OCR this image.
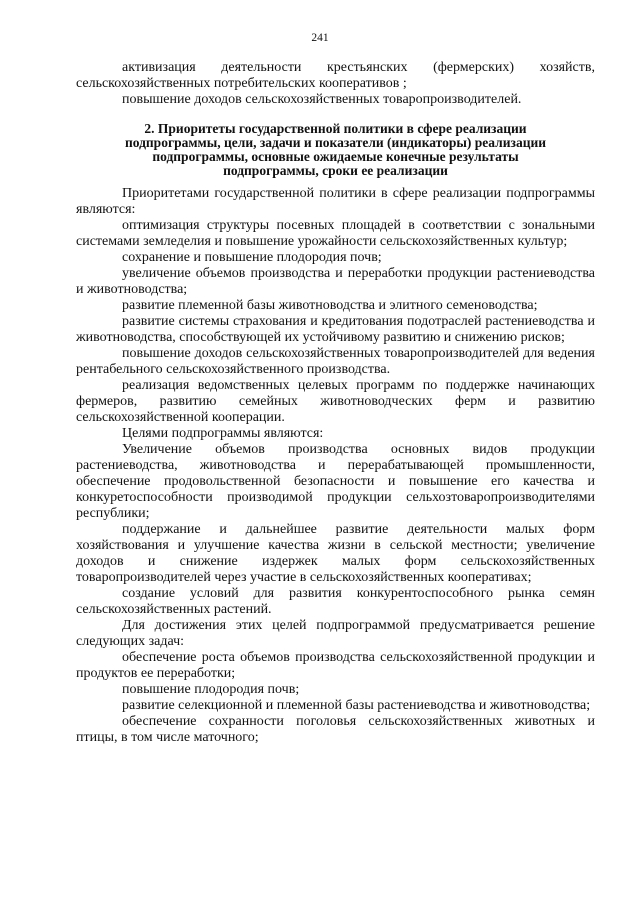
241

активизация деятельности крестьянских (фермерских) хозяйств, сельскохозяйственных потребительских кооперативов ;

повышение доходов сельскохозяйственных товаропроизводителей.

2. Приоритеты государственной политики в сфере реализации
подпрограммы, цели, задачи и показатели (индикаторы) реализации
подпрограммы, основные ожидаемые конечные результаты
подпрограммы, сроки ее реализации

Приоритетами государственной политики в сфере реализации подпрограммы являются:

оптимизация структуры посевных площадей в соответствии с зональными системами земледелия и повышение урожайности сельскохозяйственных культур;

сохранение и повышение плодородия почв;

увеличение объемов производства и переработки продукции растениеводства и животноводства;

развитие племенной базы животноводства и элитного семеноводства;

развитие системы страхования и кредитования подотраслей растениеводства и животноводства, способствующей их устойчивому развитию и снижению рисков;

повышение доходов сельскохозяйственных товаропроизводителей для ведения рентабельного сельскохозяйственного производства.

реализация ведомственных целевых программ по поддержке начинающих фермеров, развитию семейных животноводческих ферм и развитию сельскохозяйственной кооперации.

Целями подпрограммы являются:

Увеличение объемов производства основных видов продукции растениеводства, животноводства и перерабатывающей промышленности, обеспечение продовольственной безопасности и повышение его качества и конкуретоспособности производимой продукции сельхозтоваропроизводителями республики;

поддержание и дальнейшее развитие деятельности малых форм хозяйствования и улучшение качества жизни в сельской местности; увеличение доходов и снижение издержек малых форм сельскохозяйственных товаропроизводителей через участие в сельскохозяйственных кооперативах;

создание условий для развития конкурентоспособного рынка семян сельскохозяйственных растений.

Для достижения этих целей подпрограммой предусматривается решение следующих задач:

обеспечение роста объемов производства сельскохозяйственной продукции и продуктов ее переработки;

повышение плодородия почв;

развитие селекционной и племенной базы растениеводства и животноводства;

обеспечение сохранности поголовья сельскохозяйственных животных и птицы, в том числе маточного;
